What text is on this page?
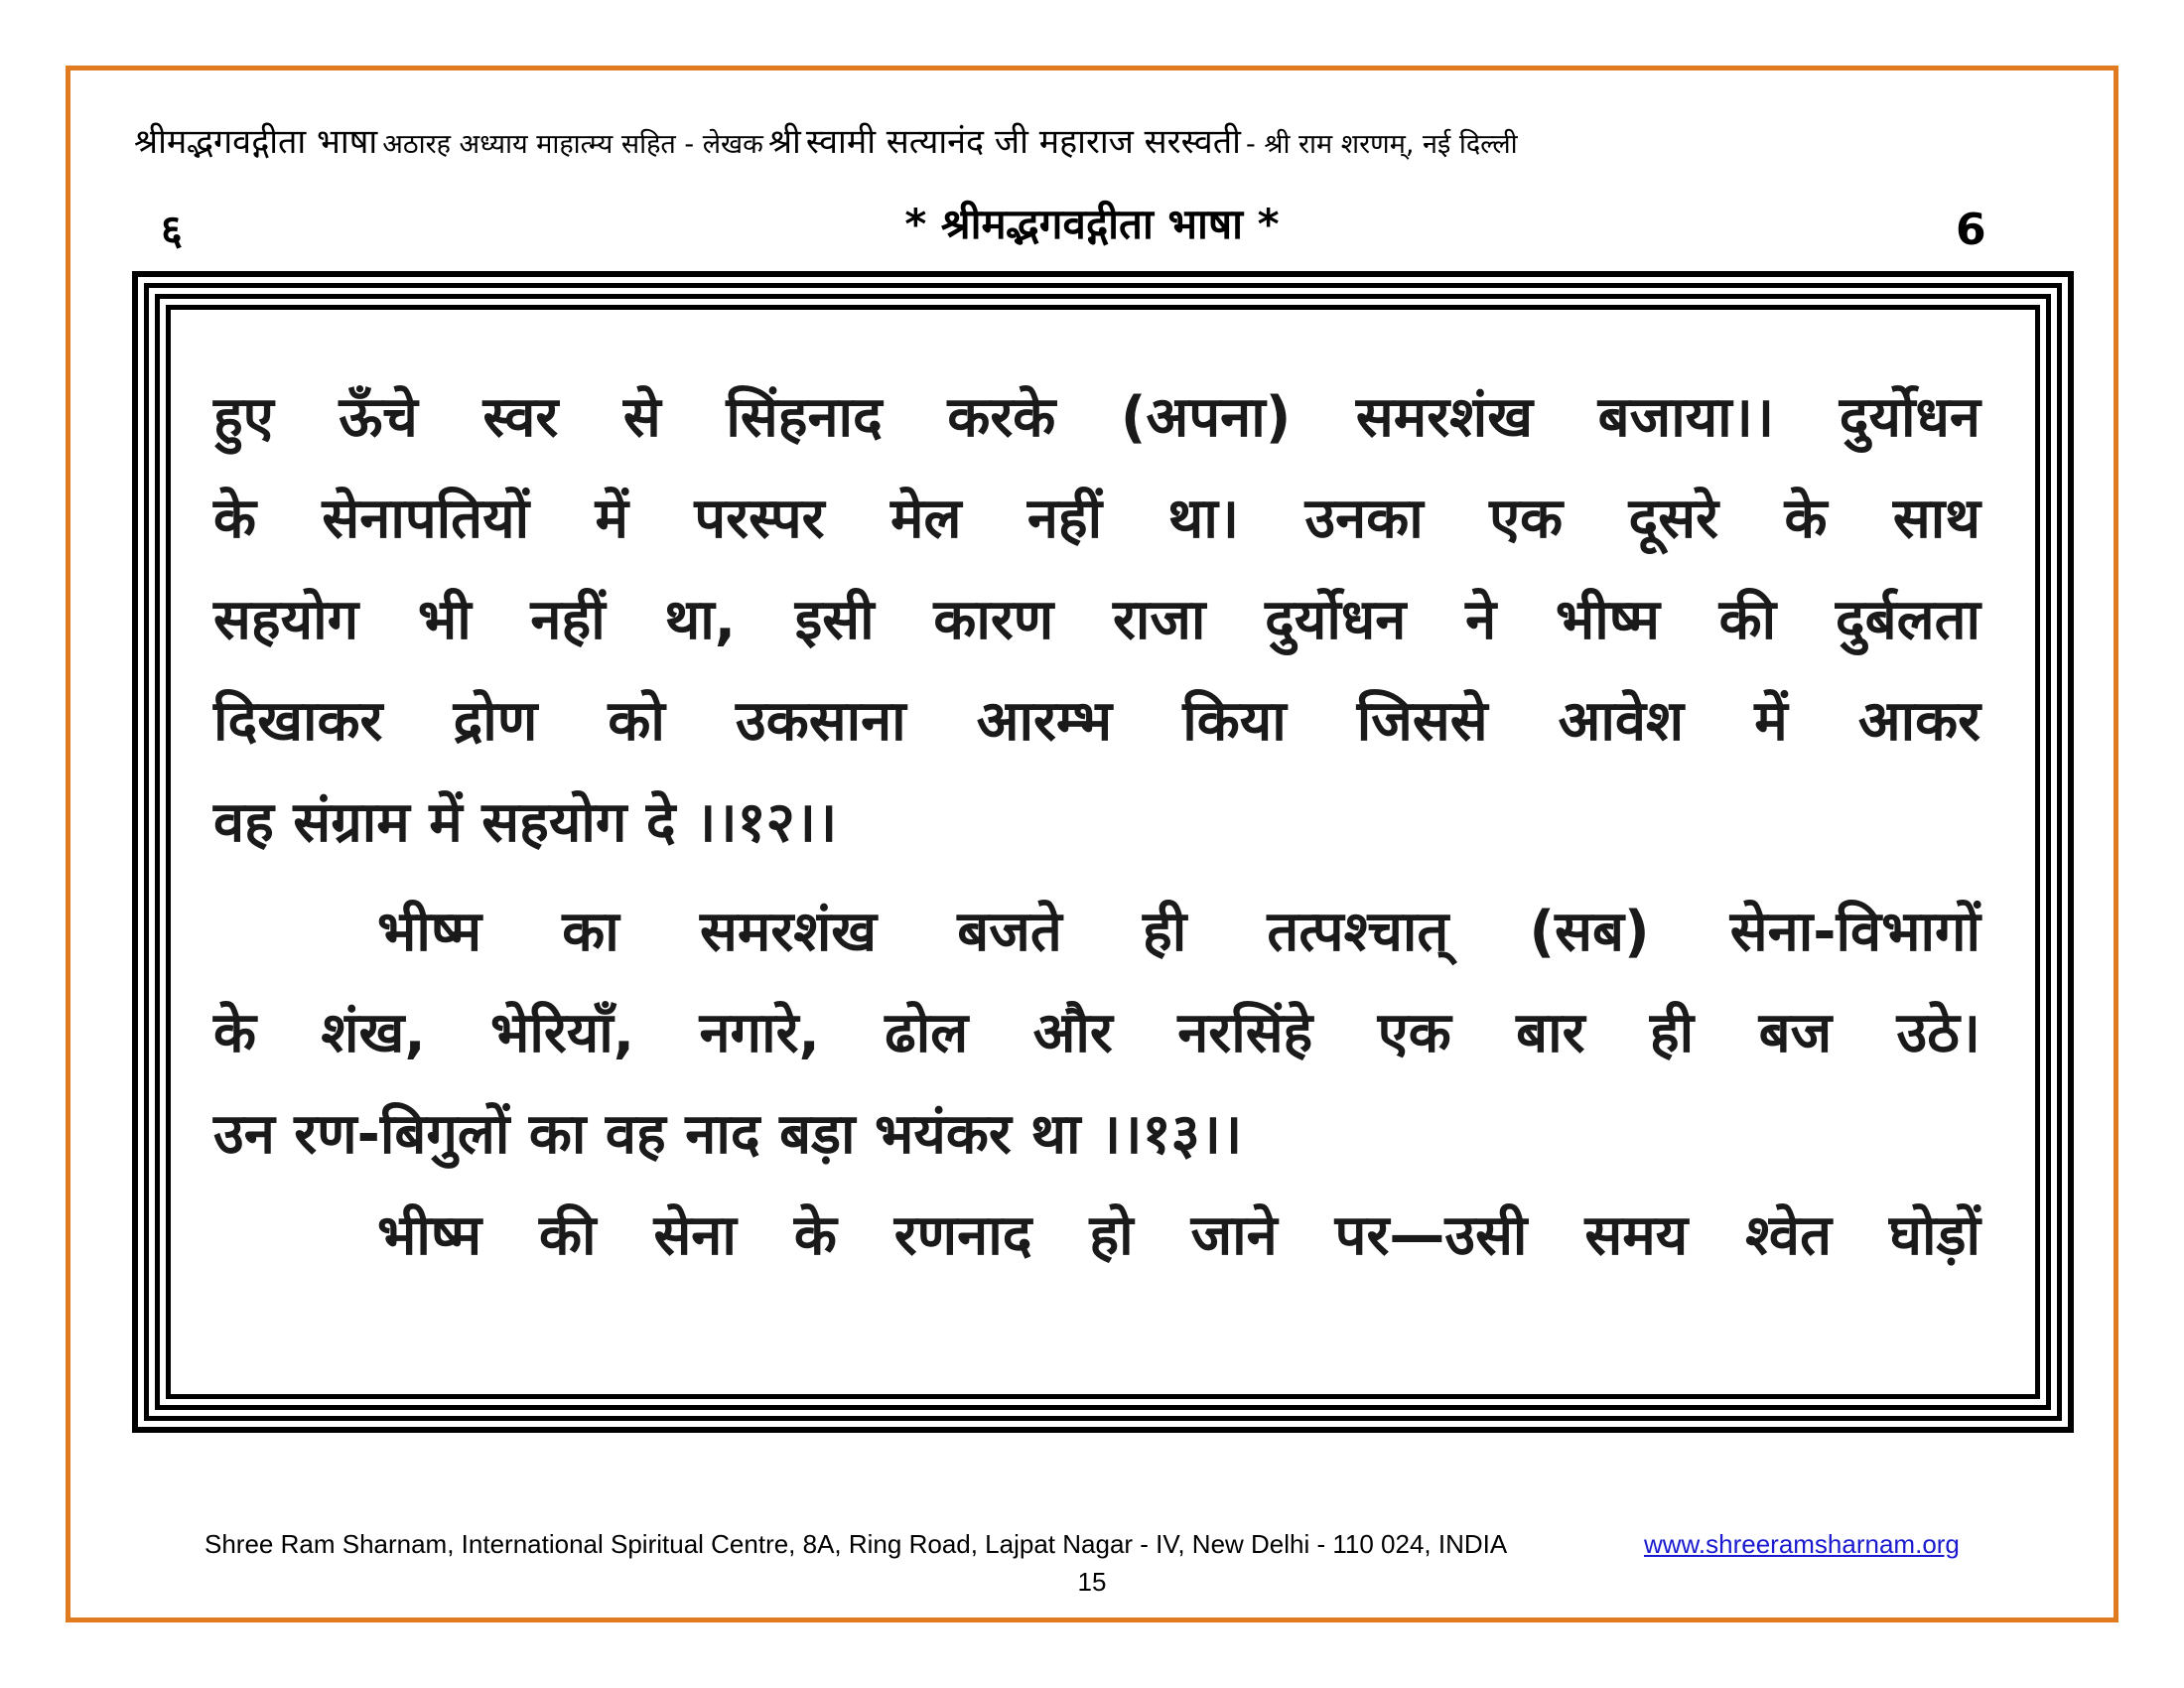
श्रीमद्भगवद्गीता भाषा अठारह अध्याय माहात्म्य सहित - लेखक श्री स्वामी सत्यानंद जी महाराज सरस्वती - श्री राम शरणम्, नई दिल्ली
६	* श्रीमद्भगवद्गीता भाषा *	6
हुए ऊँचे स्वर से सिंहनाद करके (अपना) समरशंख बजाया।। दुर्योधन
के सेनापतियों में परस्पर मेल नहीं था। उनका एक दूसरे के साथ
सहयोग भी नहीं था, इसी कारण राजा दुर्योधन ने भीष्म की दुर्बलता
दिखाकर द्रोण को उकसाना आरम्भ किया जिससे आवेश में आकर
वह संग्राम में सहयोग दे ।।१२।।
भीष्म का समरशंख बजते ही तत्पश्चात् (सब) सेना-विभागों
के शंख, भेरियाँ, नगारे, ढोल और नरसिंहे एक बार ही बज उठे।
उन रण-बिगुलों का वह नाद बड़ा भयंकर था ।।१३।।
भीष्म की सेना के रणनाद हो जाने पर—उसी समय श्वेत घोड़ों
Shree Ram Sharnam, International Spiritual Centre, 8A, Ring Road, Lajpat Nagar - IV, New Delhi - 110 024, INDIA	www.shreeramsharnam.org
15
